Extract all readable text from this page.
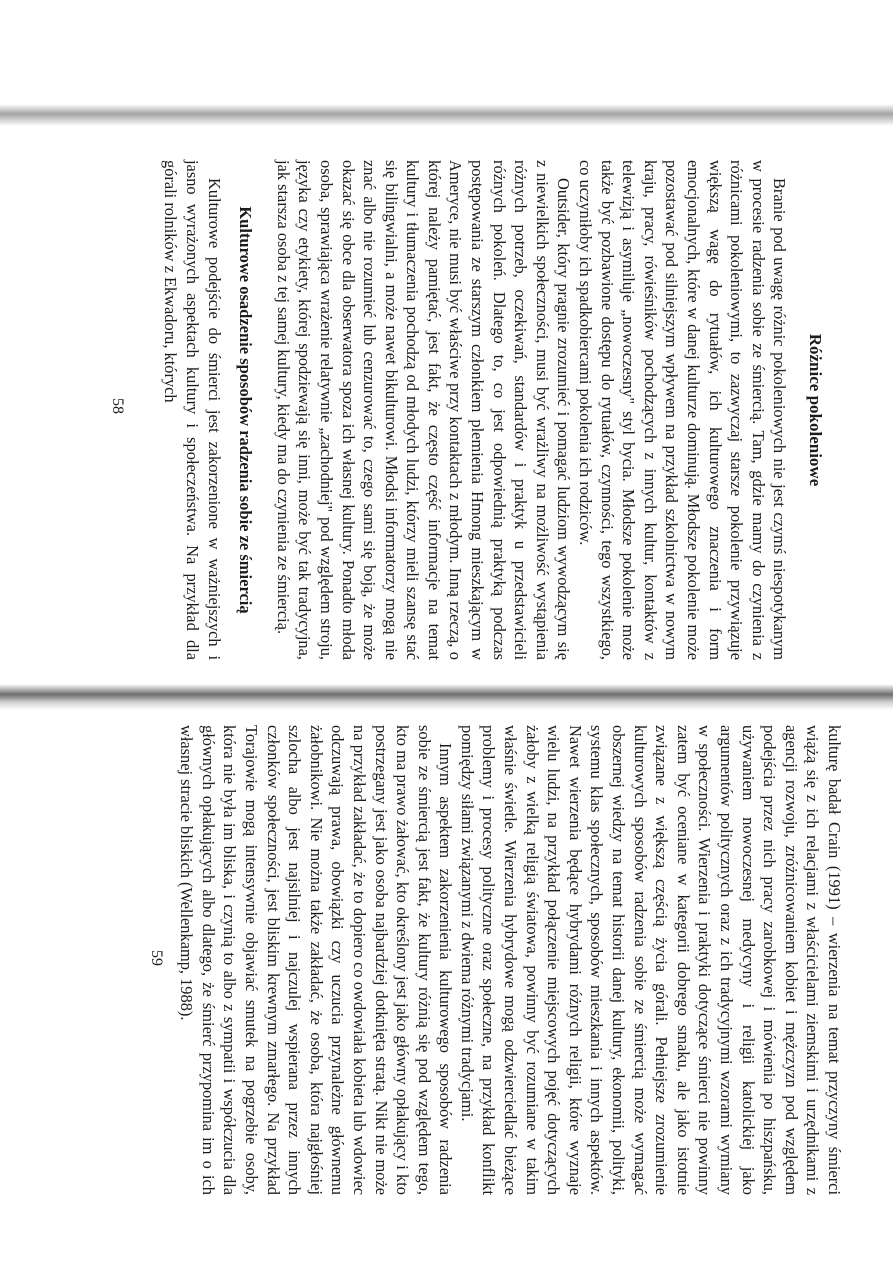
Różnice pokoleniowe

Branie pod uwagę różnic pokoleniowych nie jest czymś niespotykanym w procesie radzenia sobie ze śmiercią. Tam, gdzie mamy do czynienia z różnicami pokoleniowymi, to zazwyczaj starsze pokolenie przywiązuje większą wagę do rytuałów, ich kulturowego znaczenia i form emocjonalnych, które w danej kulturze dominują. Młodsze pokolenie może pozostawać pod silniejszym wpływem na przykład szkolnictwa w nowym kraju, pracy, rówieśników pochodzących z innych kultur, kontaktów z telewizją i asymiluje „nowoczesny" styl bycia. Młodsze pokolenie może także być pozbawione dostępu do rytuałów, czynności, tego wszystkiego, co uczyniłoby ich spadkobiercami pokolenia ich rodziców.

Outsider, który pragnie zrozumieć i pomagać ludziom wywodzącym się z niewielkich społeczności, musi być wrażliwy na możliwość wystąpienia różnych potrzeb, oczekiwań, standardów i praktyk u przedstawicieli różnych pokoleń. Dlatego to, co jest odpowiednią praktyką podczas postępowania ze starszym członkiem plemienia Hmong mieszkającym w Ameryce, nie musi być właściwe przy kontaktach z młodym. Inną rzeczą, o której należy pamiętać, jest fakt, że często część informacje na temat kultury i tłumaczenia pochodzą od młodych ludzi, którzy mieli szansę stać się bilingwialni, a może nawet bikulturowi. Młodsi informatorzy mogą nie znać albo nie rozumieć lub cenzurować to, czego sami się boją, że może okazać się obce dla obserwatora spoza ich własnej kultury. Ponadto młoda osoba, sprawiająca wrażenie relatywnie „zachodniej" pod względem stroju, języka czy etykiety, której spodziewają się inni, może być tak tradycyjna, jak starsza osoba z tej samej kultury, kiedy ma do czynienia ze śmiercią.

Kulturowe osadzenie sposobów radzenia sobie ze śmiercią

Kulturowe podejście do śmierci jest zakorzenione w ważniejszych i jasno wyrażonych aspektach kultury i społeczeństwa. Na przykład dla górali rolników z Ekwadoru, których

58

kulturę badał Crain (1991) – wierzenia na temat przyczyny śmierci wiążą się z ich relacjami z właścicielami ziemskimi i urzędnikami z agencji rozwoju, zróżnicowaniem kobiet i mężczyzn pod względem podejścia przez nich pracy zarobkowej i mówienia po hiszpańsku, używaniem nowoczesnej medycyny i religii katolickiej jako argumentów politycznych oraz z ich tradycyjnymi wzorami wymiany w społeczności. Wierzenia i praktyki dotyczące śmierci nie powinny zatem być oceniane w kategorii dobrego smaku, ale jako istotnie związane z większą częścią życia górali. Pełniejsze zrozumienie kulturowych sposobów radzenia sobie ze śmiercią może wymagać obszernej wiedzy na temat historii danej kultury, ekonomii, polityki, systemu klas społecznych, sposobów mieszkania i innych aspektów. Nawet wierzenia będące hybrydami różnych religii, które wyznaje wielu ludzi, na przykład połączenie miejscowych pojęć dotyczących żałoby z wielką religią światowa, powinny być rozumiane w takim właśnie świetle. Wierzenia hybrydowe mogą odzwierciedlać bieżące problemy i procesy polityczne oraz społeczne, na przykład konflikt pomiędzy siłami związanymi z dwiema różnymi tradycjami.

Innym aspektem zakorzenienia kulturowego sposobów radzenia sobie ze śmiercią jest fakt, że kultury różnią się pod względem tego, kto ma prawo żałować, kto określony jest jako główny opłakujący i kto postrzegany jest jako osoba najbardziej dotknięta stratą. Nikt nie może na przykład zakładać, że to dopiero co owdowiała kobieta lub wdowiec odczuwają prawa, obowiązki czy uczucia przynależne głównemu żałobnikowi. Nie można także zakładać, że osoba, która najgłośniej szlocha albo jest najsilniej i najczulej wspierana przez innych członków społeczności, jest bliskim krewnym zmarłego. Na przykład Torajowie mogą intensywnie objawiać smutek na pogrzebie osoby, która nie była im bliska, i czynią to albo z sympatii i współczucia dla głównych opłakujących albo dlatego, że śmierć przypomina im o ich własnej stracie bliskich (Wellenkamp, 1988).

59
